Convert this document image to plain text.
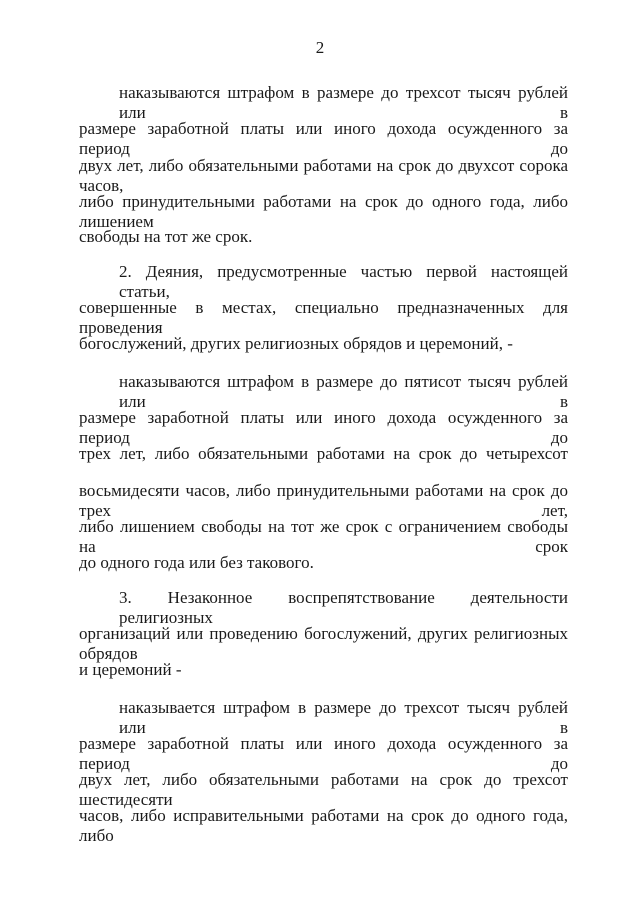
2
наказываются штрафом в размере до трехсот тысяч рублей или в
размере заработной платы или иного дохода осужденного за период до
двух лет, либо обязательными работами на срок до двухсот сорока часов,
либо принудительными работами на срок до одного года, либо лишением
свободы на тот же срок.
2. Деяния, предусмотренные частью первой настоящей статьи,
совершенные в местах, специально предназначенных для проведения
богослужений, других религиозных обрядов и церемоний, -
наказываются штрафом в размере до пятисот тысяч рублей или в
размере заработной платы или иного дохода осужденного за период до
трех лет, либо обязательными работами на срок до четырехсот
восьмидесяти часов, либо принудительными работами на срок до трех лет,
либо лишением свободы на тот же срок с ограничением свободы на срок
до одного года или без такового.
3. Незаконное воспрепятствование деятельности религиозных
организаций или проведению богослужений, других религиозных обрядов
и церемоний -
наказывается штрафом в размере до трехсот тысяч рублей или в
размере заработной платы или иного дохода осужденного за период до
двух лет, либо обязательными работами на срок до трехсот шестидесяти
часов, либо исправительными работами на срок до одного года, либо
